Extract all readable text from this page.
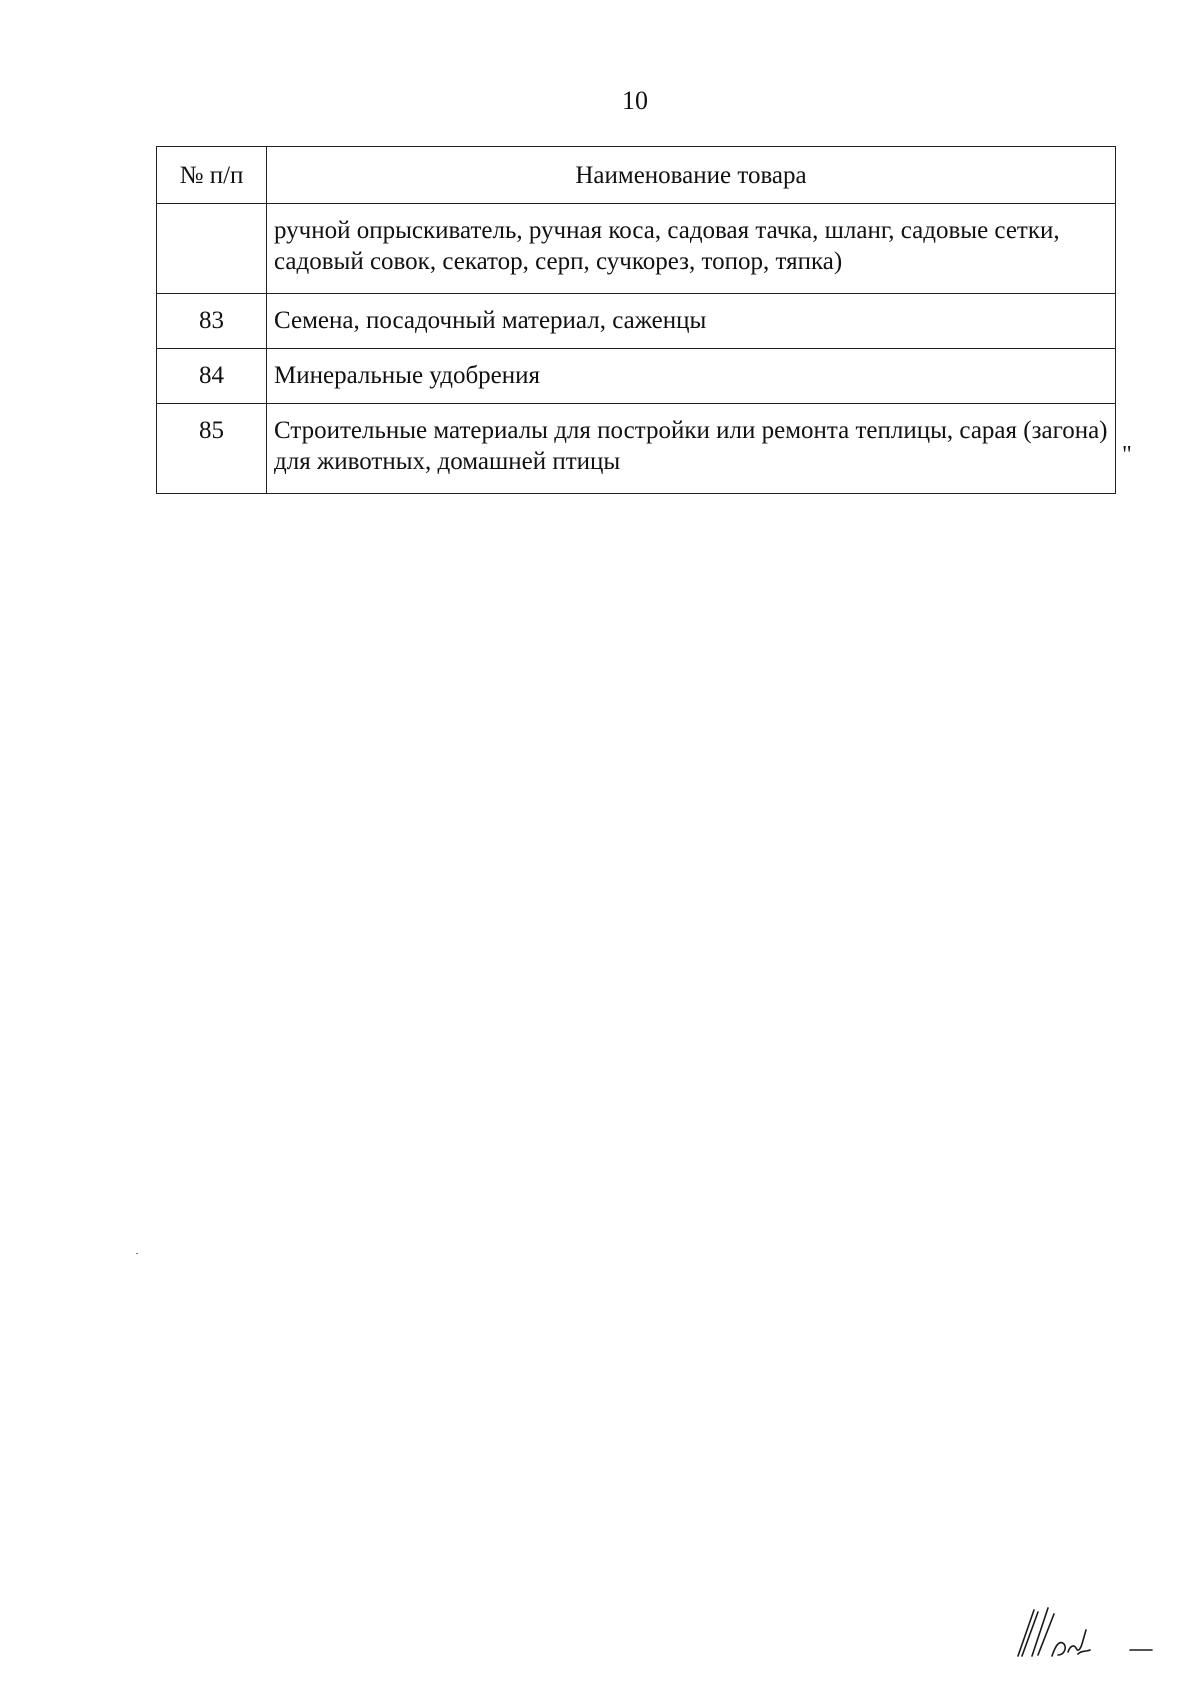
10
№ п/п	Наименование товара
	ручной опрыскиватель, ручная коса, садовая тачка, шланг, садовые сетки, садовый совок, секатор, серп, сучкорез, топор, тяпка)
83	Семена, посадочный материал, саженцы
84	Минеральные удобрения
85	Строительные материалы для постройки или ремонта теплицы, сарая (загона) для животных, домашней птицы	"
